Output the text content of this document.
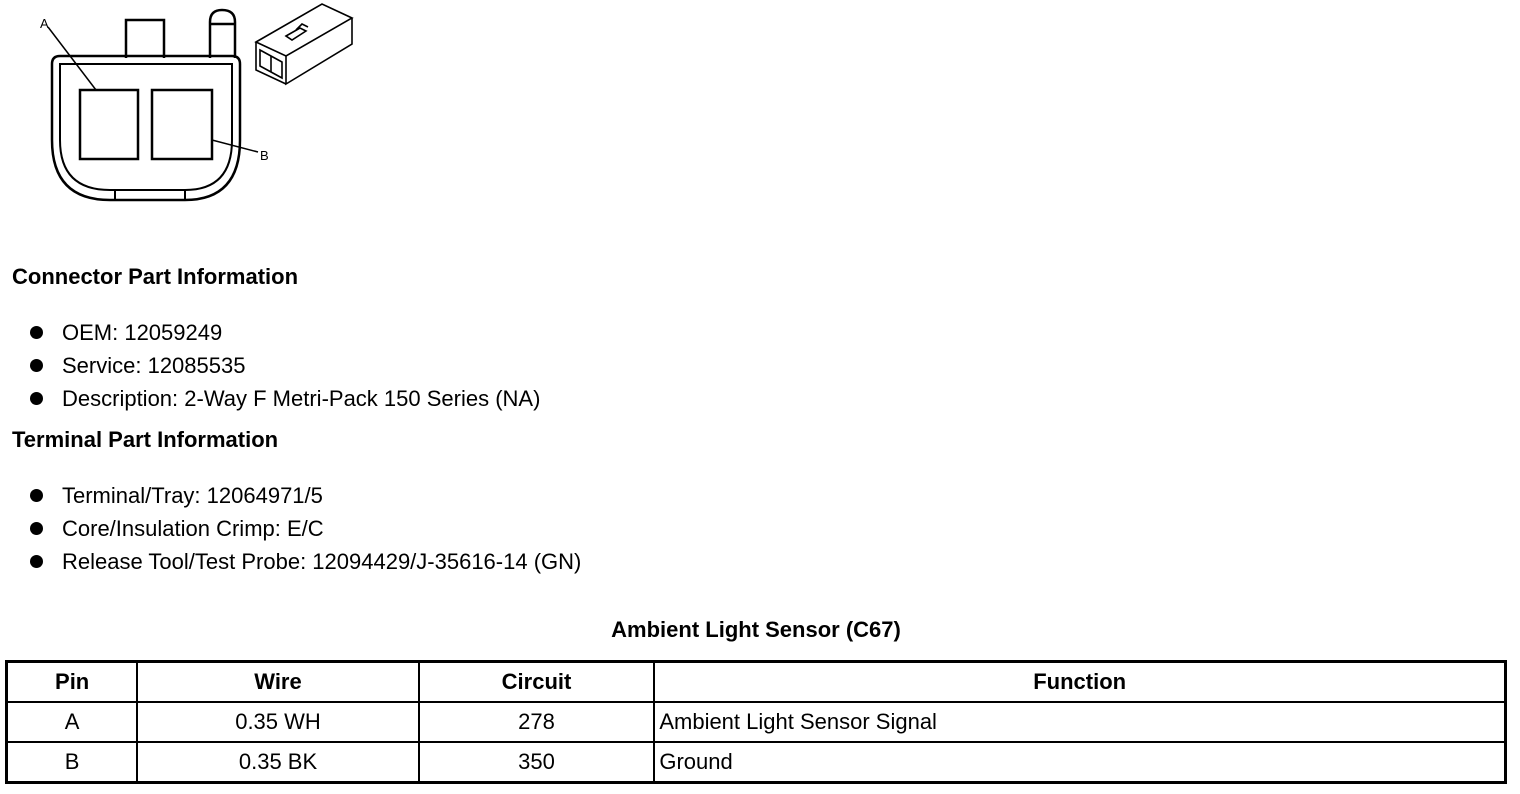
A
B
Connector Part Information
OEM: 12059249
Service: 12085535
Description: 2-Way F Metri-Pack 150 Series (NA)
Terminal Part Information
Terminal/Tray: 12064971/5
Core/Insulation Crimp: E/C
Release Tool/Test Probe: 12094429/J-35616-14 (GN)
Ambient Light Sensor (C67)
Pin	Wire	Circuit	Function
A	0.35 WH	278	Ambient Light Sensor Signal
B	0.35 BK	350	Ground
